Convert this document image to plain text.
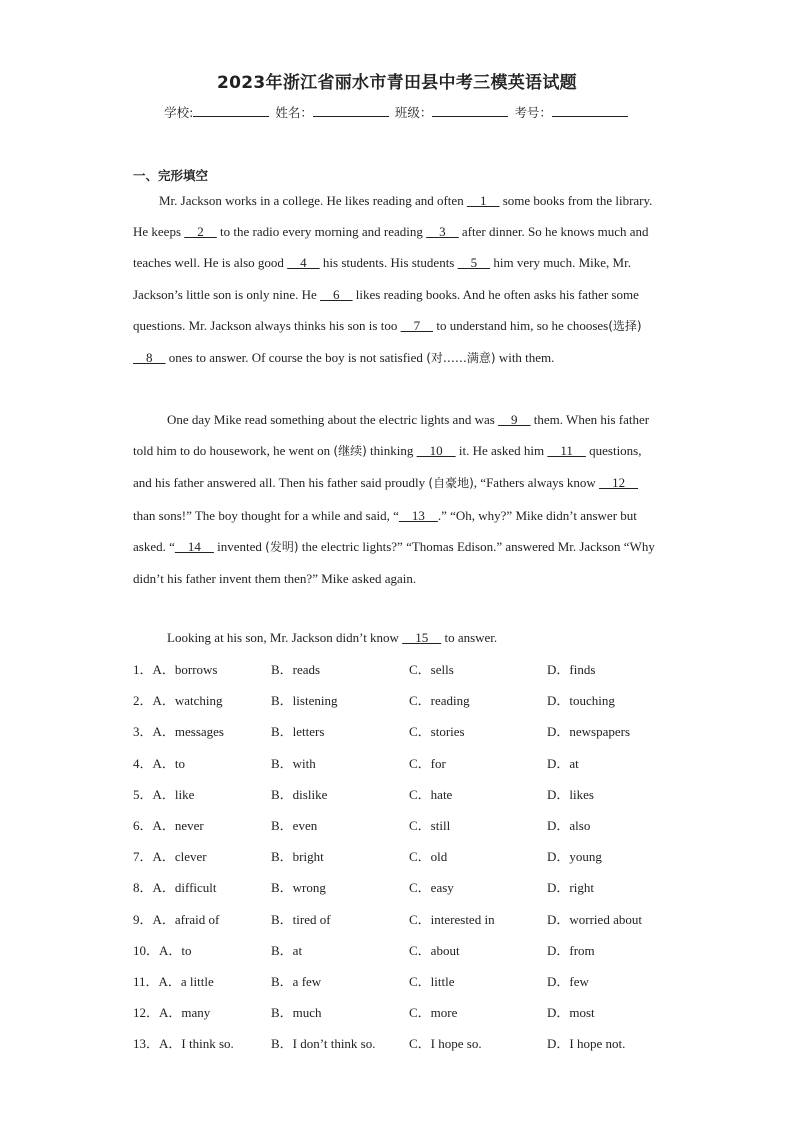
2023年浙江省丽水市青田县中考三模英语试题
学校:	姓名：	班级：	考号：
一、完形填空

Mr. Jackson works in a college. He likes reading and often     1     some books from the library. He keeps     2     to the radio every morning and reading     3     after dinner. So he knows much and teaches well. He is also good     4     his students. His students     5     him very much. Mike, Mr. Jackson’s little son is only nine. He     6     likes reading books. And he often asks his father some questions. Mr. Jackson always thinks his son is too     7     to understand him, so he chooses(选择)     8     ones to answer. Of course the boy is not satisfied (对……满意) with them.

One day Mike read something about the electric lights and was     9     them. When his father told him to do housework, he went on (继续) thinking     10     it. He asked him     11     questions, and his father answered all. Then his father said proudly (自豪地), “Fathers always know     12     than sons!” The boy thought for a while and said, “    13    .” “Oh, why?” Mike didn’t answer but asked. “    14     invented (发明) the electric lights?” “Thomas Edison.” answered Mr. Jackson “Why didn’t his father invent them then?” Mike asked again.

Looking at his son, Mr. Jackson didn’t know     15     to answer.

1．A．borrows	B．reads	C．sells	D．finds
2．A．watching	B．listening	C．reading	D．touching
3．A．messages	B．letters	C．stories	D．newspapers
4．A．to	B．with	C．for	D．at
5．A．like	B．dislike	C．hate	D．likes
6．A．never	B．even	C．still	D．also
7．A．clever	B．bright	C．old	D．young
8．A．difficult	B．wrong	C．easy	D．right
9．A．afraid of	B．tired of	C．interested in	D．worried about
10．A．to	B．at	C．about	D．from
11．A．a little	B．a few	C．little	D．few
12．A．many	B．much	C．more	D．most
13．A．I think so.	B．I don’t think so.	C．I hope so.	D．I hope not.
